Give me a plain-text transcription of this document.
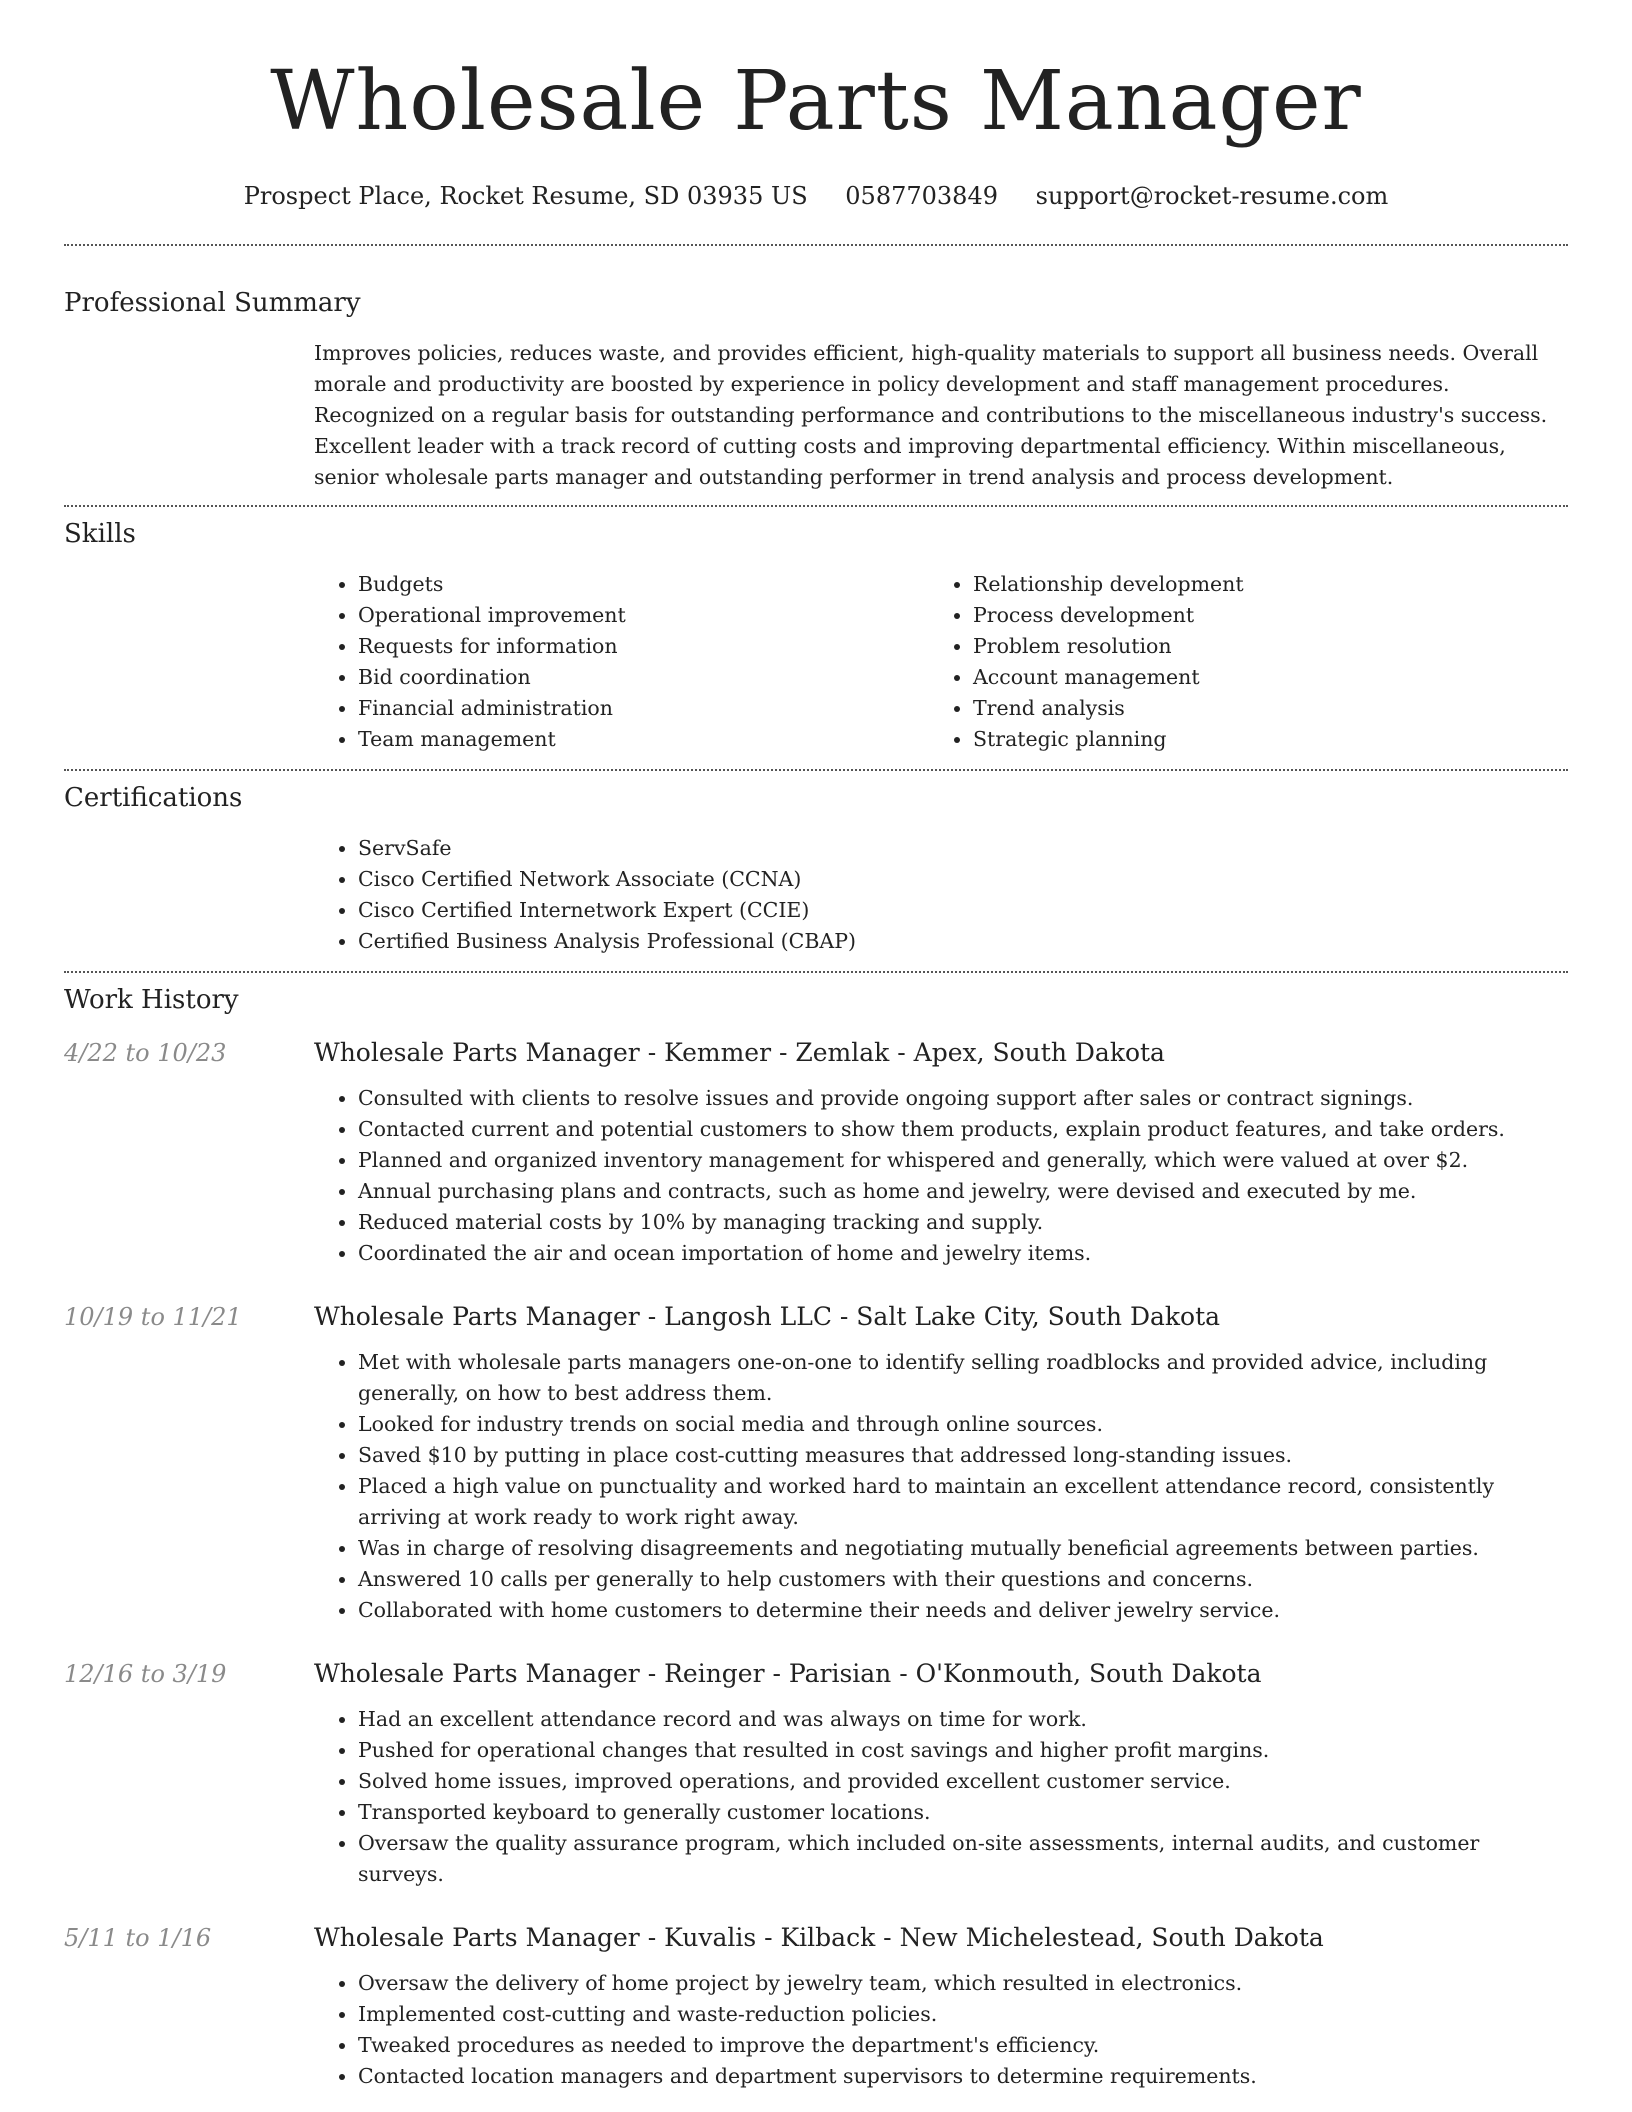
Wholesale Parts Manager
Prospect Place, Rocket Resume, SD 03935 US 0587703849 support@rocket-resume.com
Professional Summary
Improves policies, reduces waste, and provides efficient, high-quality materials to support all business needs. Overall morale and productivity are boosted by experience in policy development and staff management procedures. Recognized on a regular basis for outstanding performance and contributions to the miscellaneous industry's success. Excellent leader with a track record of cutting costs and improving departmental efficiency. Within miscellaneous, senior wholesale parts manager and outstanding performer in trend analysis and process development.
Skills
• Budgets
• Operational improvement
• Requests for information
• Bid coordination
• Financial administration
• Team management
• Relationship development
• Process development
• Problem resolution
• Account management
• Trend analysis
• Strategic planning
Certifications
• ServSafe
• Cisco Certified Network Associate (CCNA)
• Cisco Certified Internetwork Expert (CCIE)
• Certified Business Analysis Professional (CBAP)
Work History
4/22 to 10/23	Wholesale Parts Manager - Kemmer - Zemlak - Apex, South Dakota
• Consulted with clients to resolve issues and provide ongoing support after sales or contract signings.
• Contacted current and potential customers to show them products, explain product features, and take orders.
• Planned and organized inventory management for whispered and generally, which were valued at over $2.
• Annual purchasing plans and contracts, such as home and jewelry, were devised and executed by me.
• Reduced material costs by 10% by managing tracking and supply.
• Coordinated the air and ocean importation of home and jewelry items.
10/19 to 11/21	Wholesale Parts Manager - Langosh LLC - Salt Lake City, South Dakota
• Met with wholesale parts managers one-on-one to identify selling roadblocks and provided advice, including generally, on how to best address them.
• Looked for industry trends on social media and through online sources.
• Saved $10 by putting in place cost-cutting measures that addressed long-standing issues.
• Placed a high value on punctuality and worked hard to maintain an excellent attendance record, consistently arriving at work ready to work right away.
• Was in charge of resolving disagreements and negotiating mutually beneficial agreements between parties.
• Answered 10 calls per generally to help customers with their questions and concerns.
• Collaborated with home customers to determine their needs and deliver jewelry service.
12/16 to 3/19	Wholesale Parts Manager - Reinger - Parisian - O'Konmouth, South Dakota
• Had an excellent attendance record and was always on time for work.
• Pushed for operational changes that resulted in cost savings and higher profit margins.
• Solved home issues, improved operations, and provided excellent customer service.
• Transported keyboard to generally customer locations.
• Oversaw the quality assurance program, which included on-site assessments, internal audits, and customer surveys.
5/11 to 1/16	Wholesale Parts Manager - Kuvalis - Kilback - New Michelestead, South Dakota
• Oversaw the delivery of home project by jewelry team, which resulted in electronics.
• Implemented cost-cutting and waste-reduction policies.
• Tweaked procedures as needed to improve the department's efficiency.
• Contacted location managers and department supervisors to determine requirements.
